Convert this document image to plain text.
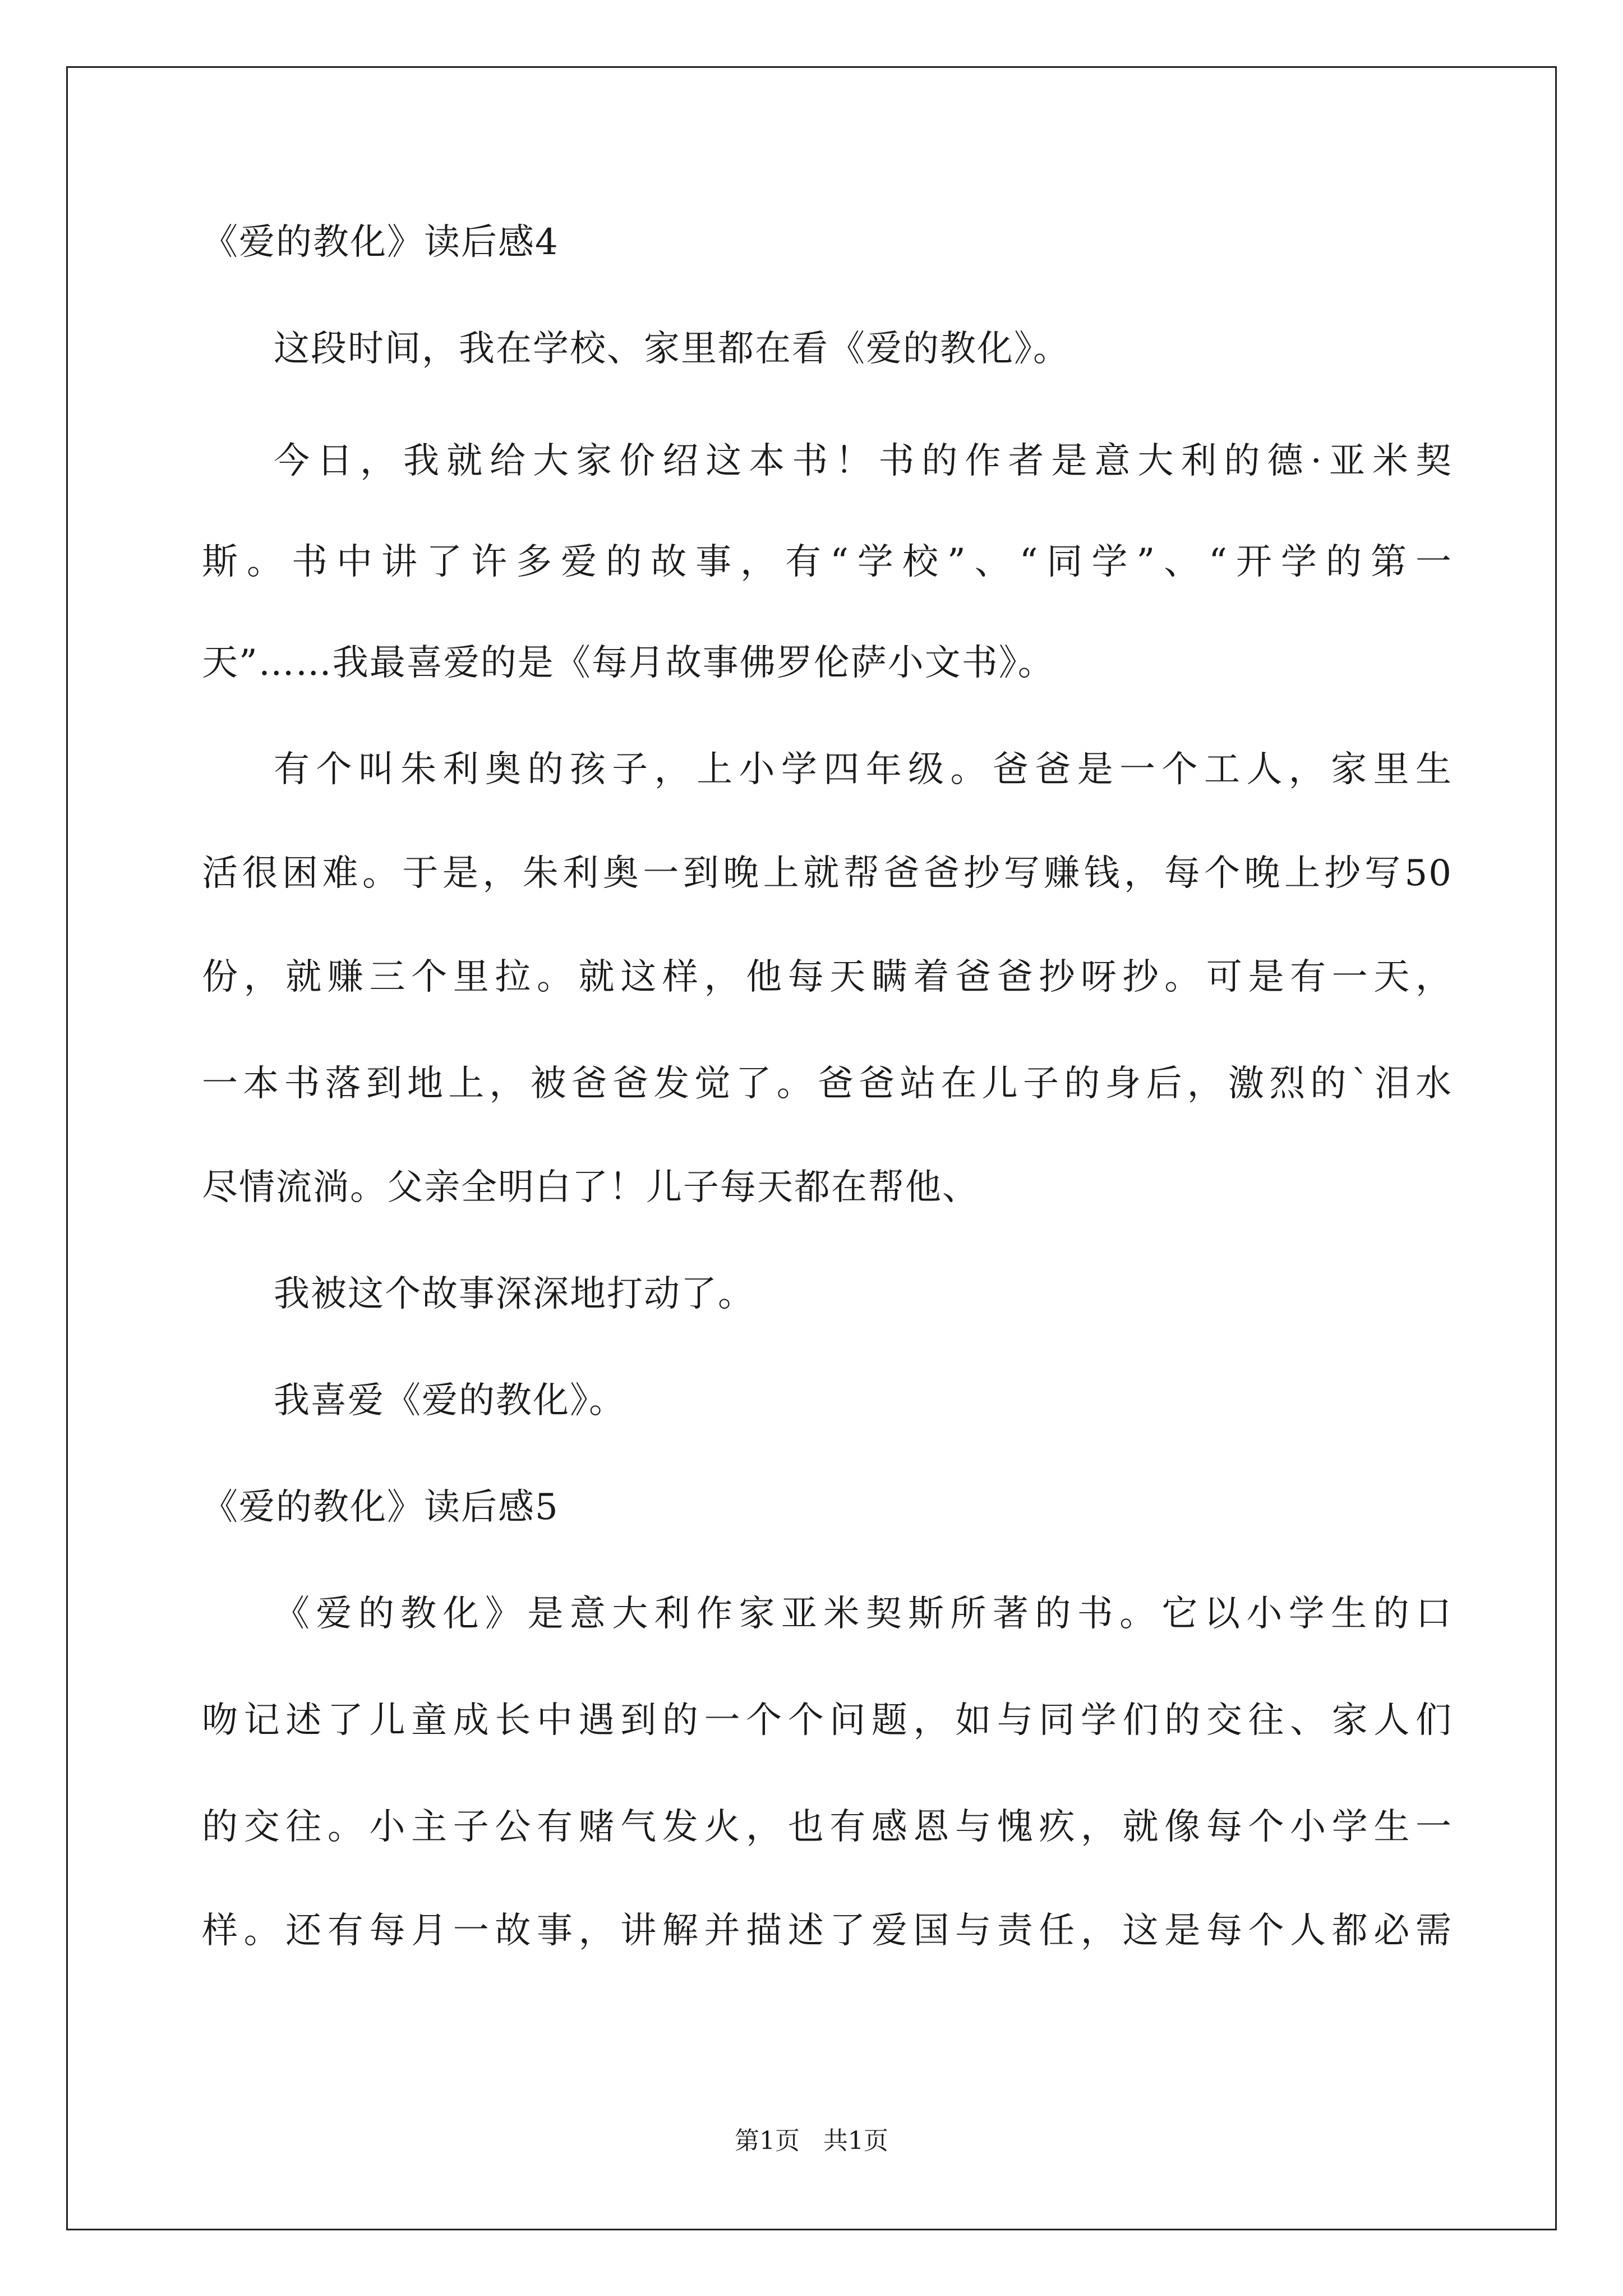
《爱的教化》读后感4
这段时间，我在学校、家里都在看《爱的教化》。
今日，我就给大家价绍这本书！书的作者是意大利的德·亚米契
斯。书中讲了许多爱的故事，有“学校”、“同学”、“开学的第一
天”……我最喜爱的是《每月故事佛罗伦萨小文书》。
有个叫朱利奥的孩子，上小学四年级。爸爸是一个工人，家里生
活很困难。于是，朱利奥一到晚上就帮爸爸抄写赚钱，每个晚上抄写50
份，就赚三个里拉。就这样，他每天瞒着爸爸抄呀抄。可是有一天，
一本书落到地上，被爸爸发觉了。爸爸站在儿子的身后，激烈的`泪水
尽情流淌。父亲全明白了！儿子每天都在帮他、
我被这个故事深深地打动了。
我喜爱《爱的教化》。
《爱的教化》读后感5
《爱的教化》是意大利作家亚米契斯所著的书。它以小学生的口
吻记述了儿童成长中遇到的一个个问题，如与同学们的交往、家人们
的交往。小主子公有赌气发火，也有感恩与愧疚，就像每个小学生一
样。还有每月一故事，讲解并描述了爱国与责任，这是每个人都必需
第1页 共1页
